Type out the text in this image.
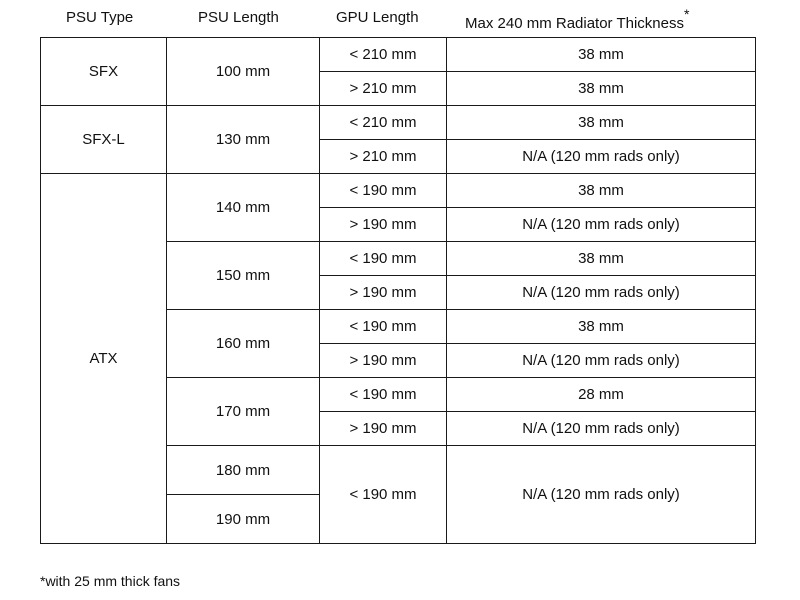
PSU Type	PSU Length	GPU Length	Max 240 mm Radiator Thickness*
SFX	100 mm	< 210 mm	38 mm
		> 210 mm	38 mm
SFX-L	130 mm	< 210 mm	38 mm
		> 210 mm	N/A (120 mm rads only)
ATX	140 mm	< 190 mm	38 mm
		> 190 mm	N/A (120 mm rads only)
	150 mm	< 190 mm	38 mm
		> 190 mm	N/A (120 mm rads only)
	160 mm	< 190 mm	38 mm
		> 190 mm	N/A (120 mm rads only)
	170 mm	< 190 mm	28 mm
		> 190 mm	N/A (120 mm rads only)
	180 mm	< 190 mm	N/A (120 mm rads only)
	190 mm		
*with 25 mm thick fans
